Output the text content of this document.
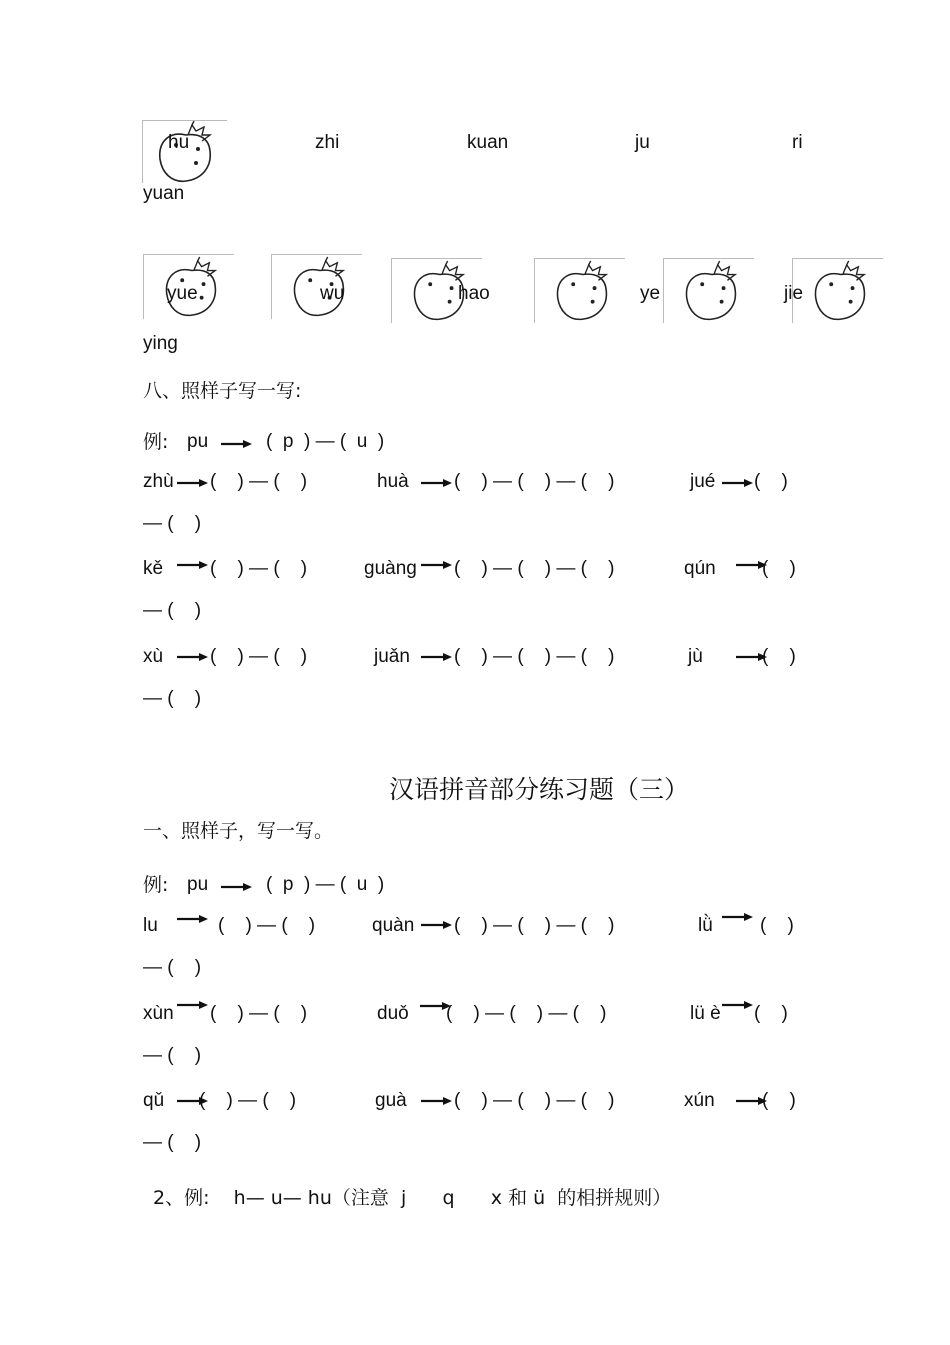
hu	zhi	kuan	ju	ri
yuan
yue	wu	hao	ye	jie
ying
八、照样子写一写:
例: pu	(  p  ) — (  u  )
zhù (    ) — (    )	huà (    ) — (    ) — (    )	jué (    )
— (    )
kě (    ) — (    )	guàng (    ) — (    ) — (    )	qún (    )
— (    )
xù (    ) — (    )	juǎn (    ) — (    ) — (    )	jù	(    )
— (    )
汉语拼音部分练习题（三）
一、照样子，写一写。
例: pu	(  p  ) — (  u  )
lu	(    ) — (    )	quàn (    ) — (    ) — (    )	lǜ (    )
— (    )
xùn (    ) — (    )	duǒ (    ) — (    ) — (    )	lü è (    )
— (    )
qǔ (    ) — (    )	guà (    ) — (    ) — (    )	xún (    )
— (    )
2、例:    h— u— hu（注意  j      q      x 和 ü  的相拼规则）
